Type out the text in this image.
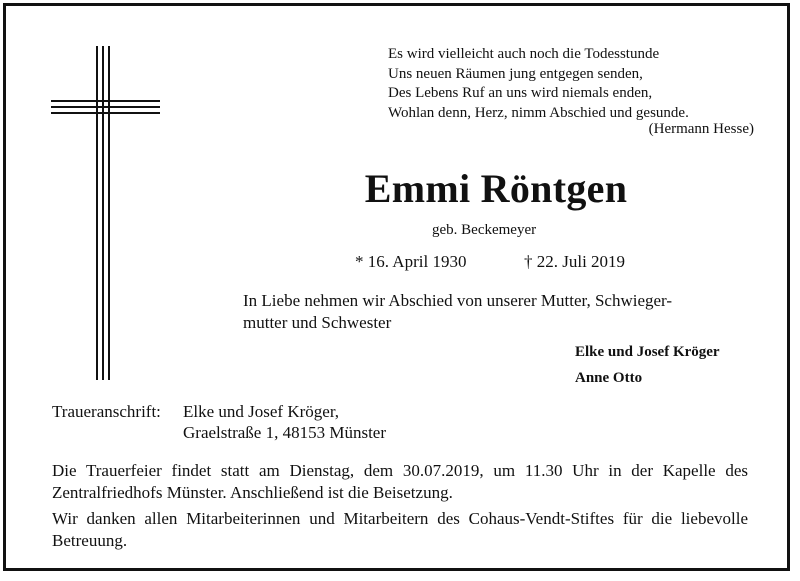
Es wird vielleicht auch noch die Todesstunde
Uns neuen Räumen jung entgegen senden,
Des Lebens Ruf an uns wird niemals enden,
Wohlan denn, Herz, nimm Abschied und gesunde.
(Hermann Hesse)
Emmi Röntgen
geb. Beckemeyer
* 16. April 1930	† 22. Juli 2019
In Liebe nehmen wir Abschied von unserer Mutter, Schwieger-
mutter und Schwester
Elke und Josef Kröger
Anne Otto
Traueranschrift: Elke und Josef Kröger,
Graelstraße 1, 48153 Münster
Die Trauerfeier findet statt am Dienstag, dem 30.07.2019, um 11.30 Uhr in der Kapelle des Zentralfriedhofs Münster. Anschließend ist die Beisetzung.
Wir danken allen Mitarbeiterinnen und Mitarbeitern des Cohaus-Vendt-Stiftes für die liebevolle Betreuung.
